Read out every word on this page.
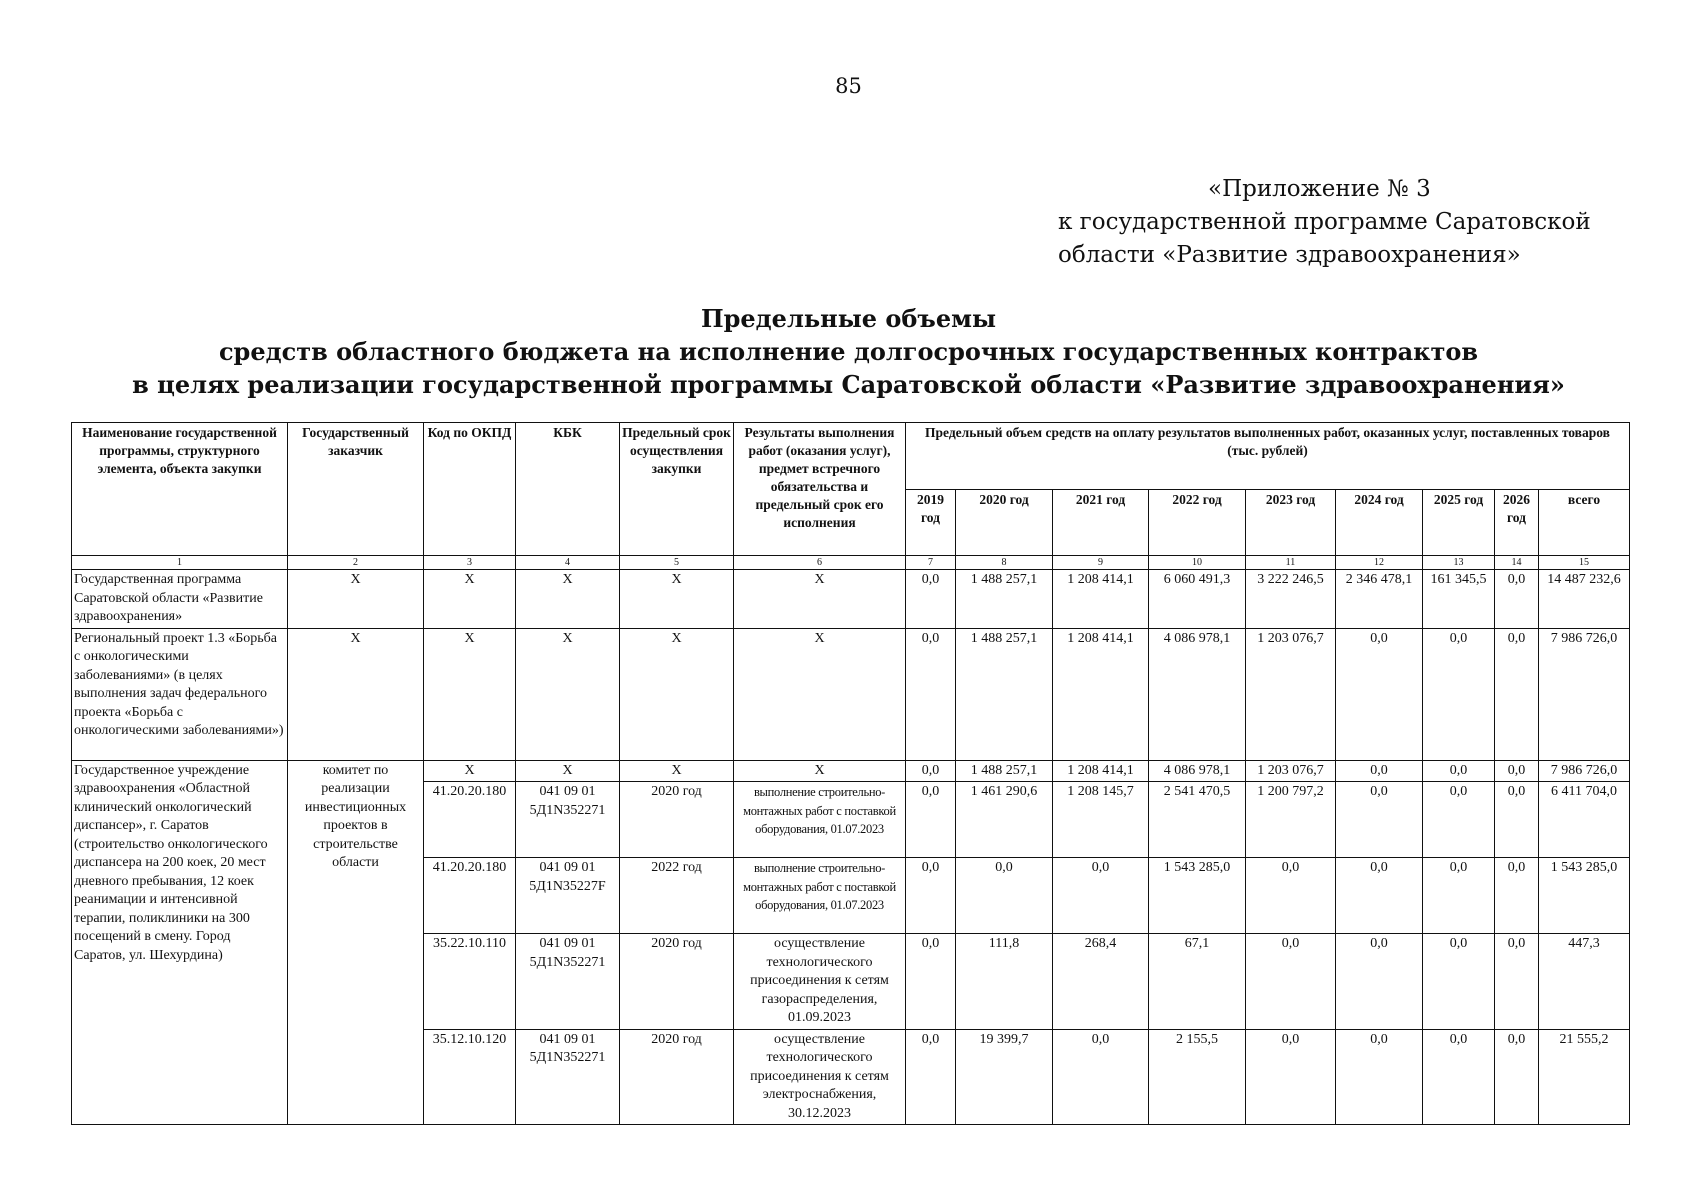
85
«Приложение № 3
к государственной программе Саратовской
области «Развитие здравоохранения»
Предельные объемы
средств областного бюджета на исполнение долгосрочных государственных контрактов
в целях реализации государственной программы Саратовской области «Развитие здравоохранения»
Наименование государственной программы, структурного элемента, объекта закупки	Государственный заказчик	Код по ОКПД	КБК	Предельный срок осуществления закупки	Результаты выполнения работ (оказания услуг), предмет встречного обязательства и предельный срок его исполнения	Предельный объем средств на оплату результатов выполненных работ, оказанных услуг, поставленных товаров (тыс. рублей)								
						2019 год	2020 год	2021 год	2022 год	2023 год	2024 год	2025 год	2026 год	всего
1	2	3	4	5	6	7	8	9	10	11	12	13	14	15
Государственная программа Саратовской области «Развитие здравоохранения»	Х	Х	Х	Х	Х	0,0	1 488 257,1	1 208 414,1	6 060 491,3	3 222 246,5	2 346 478,1	161 345,5	0,0	14 487 232,6
Региональный проект 1.3 «Борьба с онкологическими заболеваниями» (в целях выполнения задач федерального проекта «Борьба с онкологическими заболеваниями»)	Х	Х	Х	Х	Х	0,0	1 488 257,1	1 208 414,1	4 086 978,1	1 203 076,7	0,0	0,0	0,0	7 986 726,0
Государственное учреждение здравоохранения «Областной клинический онкологический диспансер», г. Саратов (строительство онкологического диспансера на 200 коек, 20 мест дневного пребывания, 12 коек реанимации и интенсивной терапии, поликлиники на 300 посещений в смену. Город Саратов, ул. Шехурдина)	комитет по реализации инвестиционных проектов в строительстве области	Х	Х	Х	Х	0,0	1 488 257,1	1 208 414,1	4 086 978,1	1 203 076,7	0,0	0,0	0,0	7 986 726,0
		41.20.20.180	041 09 01 5Д1N352271	2020 год	выполнение строительно-монтажных работ с поставкой оборудования, 01.07.2023	0,0	1 461 290,6	1 208 145,7	2 541 470,5	1 200 797,2	0,0	0,0	0,0	6 411 704,0
		41.20.20.180	041 09 01 5Д1N35227F	2022 год	выполнение строительно-монтажных работ с поставкой оборудования, 01.07.2023	0,0	0,0	0,0	1 543 285,0	0,0	0,0	0,0	0,0	1 543 285,0
		35.22.10.110	041 09 01 5Д1N352271	2020 год	осуществление технологического присоединения к сетям газораспределения, 01.09.2023	0,0	111,8	268,4	67,1	0,0	0,0	0,0	0,0	447,3
		35.12.10.120	041 09 01 5Д1N352271	2020 год	осуществление технологического присоединения к сетям электроснабжения, 30.12.2023	0,0	19 399,7	0,0	2 155,5	0,0	0,0	0,0	0,0	21 555,2
